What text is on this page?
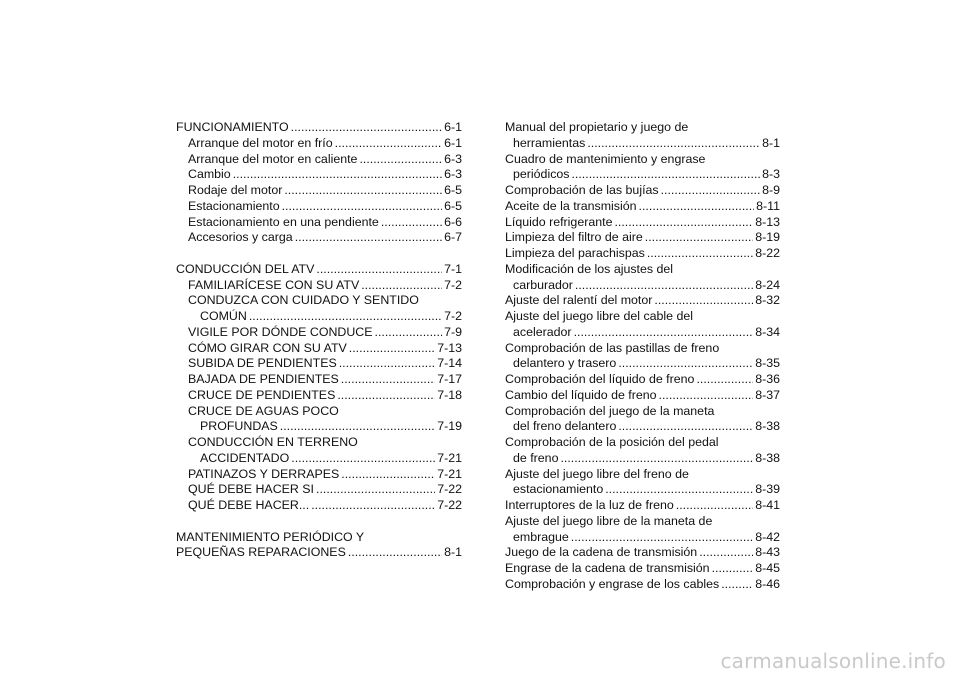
FUNCIONAMIENTO .....	6-1
Arranque del motor en frío .....	6-1
Arranque del motor en caliente .....	6-3
Cambio .....	6-3
Rodaje del motor .....	6-5
Estacionamiento .....	6-5
Estacionamiento en una pendiente .....	6-6
Accesorios y carga .....	6-7
CONDUCCIÓN DEL ATV .....	7-1
FAMILIARÍCESE CON SU ATV .....	7-2
CONDUZCA CON CUIDADO Y SENTIDO
COMÚN .....	7-2
VIGILE POR DÓNDE CONDUCE .....	7-9
CÓMO GIRAR CON SU ATV .....	7-13
SUBIDA DE PENDIENTES .....	7-14
BAJADA DE PENDIENTES .....	7-17
CRUCE DE PENDIENTES .....	7-18
CRUCE DE AGUAS POCO
PROFUNDAS .....	7-19
CONDUCCIÓN EN TERRENO
ACCIDENTADO .....	7-21
PATINAZOS Y DERRAPES .....	7-21
QUÉ DEBE HACER SI .....	7-22
QUÉ DEBE HACER... .....	7-22
MANTENIMIENTO PERIÓDICO Y
PEQUEÑAS REPARACIONES .....	8-1
Manual del propietario y juego de
herramientas .....	8-1
Cuadro de mantenimiento y engrase
periódicos .....	8-3
Comprobación de las bujías .....	8-9
Aceite de la transmisión .....	8-11
Líquido refrigerante .....	8-13
Limpieza del filtro de aire .....	8-19
Limpieza del parachispas .....	8-22
Modificación de los ajustes del
carburador .....	8-24
Ajuste del ralentí del motor .....	8-32
Ajuste del juego libre del cable del
acelerador .....	8-34
Comprobación de las pastillas de freno
delantero y trasero .....	8-35
Comprobación del líquido de freno .....	8-36
Cambio del líquido de freno .....	8-37
Comprobación del juego de la maneta
del freno delantero .....	8-38
Comprobación de la posición del pedal
de freno .....	8-38
Ajuste del juego libre del freno de
estacionamiento .....	8-39
Interruptores de la luz de freno .....	8-41
Ajuste del juego libre de la maneta de
embrague .....	8-42
Juego de la cadena de transmisión .....	8-43
Engrase de la cadena de transmisión .....	8-45
Comprobación y engrase de los cables .....	8-46
carmanualsonline.info
